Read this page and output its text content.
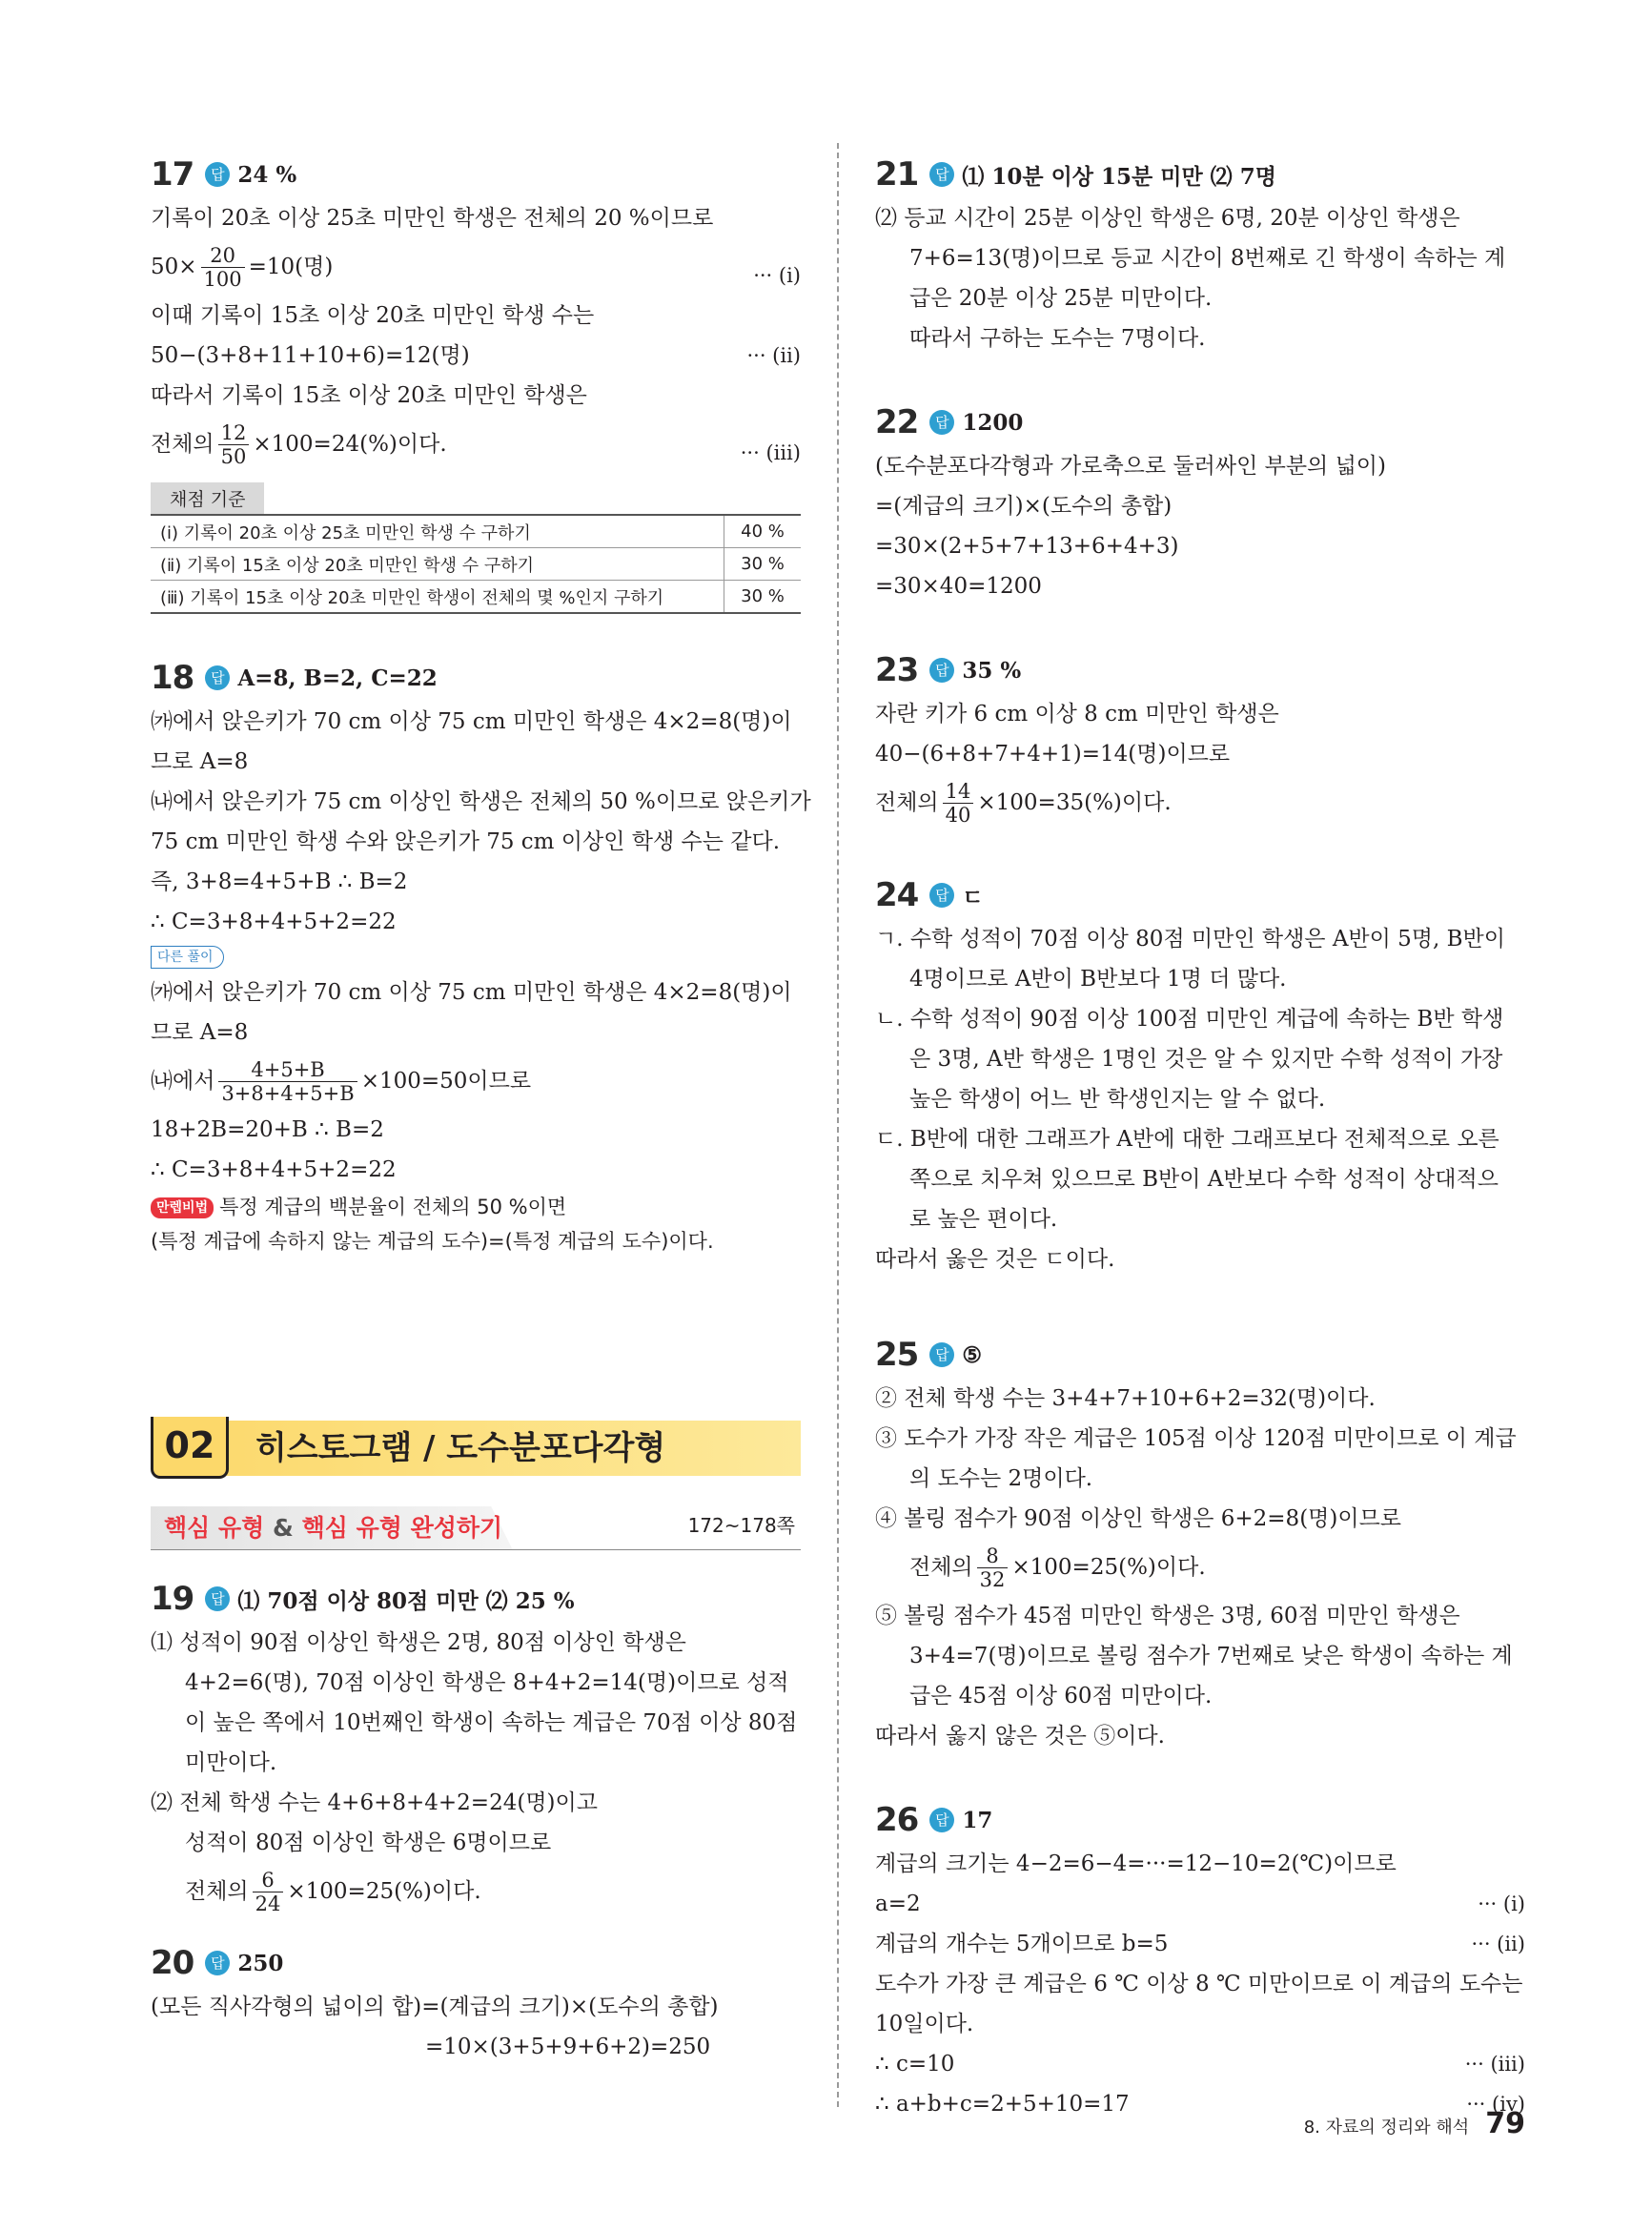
17	답 24 %
기록이 20초 이상 25초 미만인 학생은 전체의 20 %이므로
$50\times \frac{20}{100} =10$(명)	··· (ⅰ)
이때 기록이 15초 이상 20초 미만인 학생 수는
50−(3+8+11+10+6)=12(명)	··· (ⅱ)
따라서 기록이 15초 이상 20초 미만인 학생은
전체의 $\frac{12}{50} \times 100=24(\%)$이다.	··· (ⅲ)
채점 기준
(ⅰ) 기록이 20초 이상 25초 미만인 학생 수 구하기	40 %
(ⅱ) 기록이 15초 이상 20초 미만인 학생 수 구하기	30 %
(ⅲ) 기록이 15초 이상 20초 미만인 학생이 전체의 몇 %인지 구하기	30 %
18	답 A=8, B=2, C=22
㈎에서 앉은키가 70 cm 이상 75 cm 미만인 학생은 4×2=8(명)이
므로 A=8
㈏에서 앉은키가 75 cm 이상인 학생은 전체의 50 %이므로 앉은키가
75 cm 미만인 학생 수와 앉은키가 75 cm 이상인 학생 수는 같다.
즉, 3+8=4+5+B ∴ B=2
∴ C=3+8+4+5+2=22
다른 풀이
㈎에서 앉은키가 70 cm 이상 75 cm 미만인 학생은 4×2=8(명)이
므로 A=8
㈏에서 $\frac{4+5+B}{3+8+4+5+B} \times 100=50$이므로
18+2B=20+B ∴ B=2
∴ C=3+8+4+5+2=22
만렙비법 특정 계급의 백분율이 전체의 50 %이면
(특정 계급에 속하지 않는 계급의 도수)=(특정 계급의 도수)이다.
02	히스토그램 / 도수분포다각형
핵심 유형 & 핵심 유형 완성하기	172~178쪽
19	답 ⑴ 70점 이상 80점 미만 ⑵ 25 %
⑴ 성적이 90점 이상인 학생은 2명, 80점 이상인 학생은
4+2=6(명), 70점 이상인 학생은 8+4+2=14(명)이므로 성적
이 높은 쪽에서 10번째인 학생이 속하는 계급은 70점 이상 80점
미만이다.
⑵ 전체 학생 수는 4+6+8+4+2=24(명)이고
성적이 80점 이상인 학생은 6명이므로
전체의 $\frac{6}{24} \times 100=25(\%)$이다.
20	답 250
(모든 직사각형의 넓이의 합)=(계급의 크기)×(도수의 총합)
=10×(3+5+9+6+2)=250
21	답 ⑴ 10분 이상 15분 미만 ⑵ 7명
⑵ 등교 시간이 25분 이상인 학생은 6명, 20분 이상인 학생은
7+6=13(명)이므로 등교 시간이 8번째로 긴 학생이 속하는 계
급은 20분 이상 25분 미만이다.
따라서 구하는 도수는 7명이다.
22	답 1200
(도수분포다각형과 가로축으로 둘러싸인 부분의 넓이)
=(계급의 크기)×(도수의 총합)
=30×(2+5+7+13+6+4+3)
=30×40=1200
23	답 35 %
자란 키가 6 cm 이상 8 cm 미만인 학생은
40−(6+8+7+4+1)=14(명)이므로
전체의 $\frac{14}{40} \times 100=35(\%)$이다.
24	답 ㄷ
ㄱ. 수학 성적이 70점 이상 80점 미만인 학생은 A반이 5명, B반이
4명이므로 A반이 B반보다 1명 더 많다.
ㄴ. 수학 성적이 90점 이상 100점 미만인 계급에 속하는 B반 학생
은 3명, A반 학생은 1명인 것은 알 수 있지만 수학 성적이 가장
높은 학생이 어느 반 학생인지는 알 수 없다.
ㄷ. B반에 대한 그래프가 A반에 대한 그래프보다 전체적으로 오른
쪽으로 치우쳐 있으므로 B반이 A반보다 수학 성적이 상대적으
로 높은 편이다.
따라서 옳은 것은 ㄷ이다.
25	답 ⑤
② 전체 학생 수는 3+4+7+10+6+2=32(명)이다.
③ 도수가 가장 작은 계급은 105점 이상 120점 미만이므로 이 계급
의 도수는 2명이다.
④ 볼링 점수가 90점 이상인 학생은 6+2=8(명)이므로
전체의 $\frac{8}{32} \times 100=25(\%)$이다.
⑤ 볼링 점수가 45점 미만인 학생은 3명, 60점 미만인 학생은
3+4=7(명)이므로 볼링 점수가 7번째로 낮은 학생이 속하는 계
급은 45점 이상 60점 미만이다.
따라서 옳지 않은 것은 ⑤이다.
26	답 17
계급의 크기는 4−2=6−4=···=12−10=2(℃)이므로
a=2	··· (ⅰ)
계급의 개수는 5개이므로 b=5	··· (ⅱ)
도수가 가장 큰 계급은 6 ℃ 이상 8 ℃ 미만이므로 이 계급의 도수는
10일이다.
∴ c=10	··· (ⅲ)
∴ a+b+c=2+5+10=17	··· (ⅳ)
8. 자료의 정리와 해석 79
